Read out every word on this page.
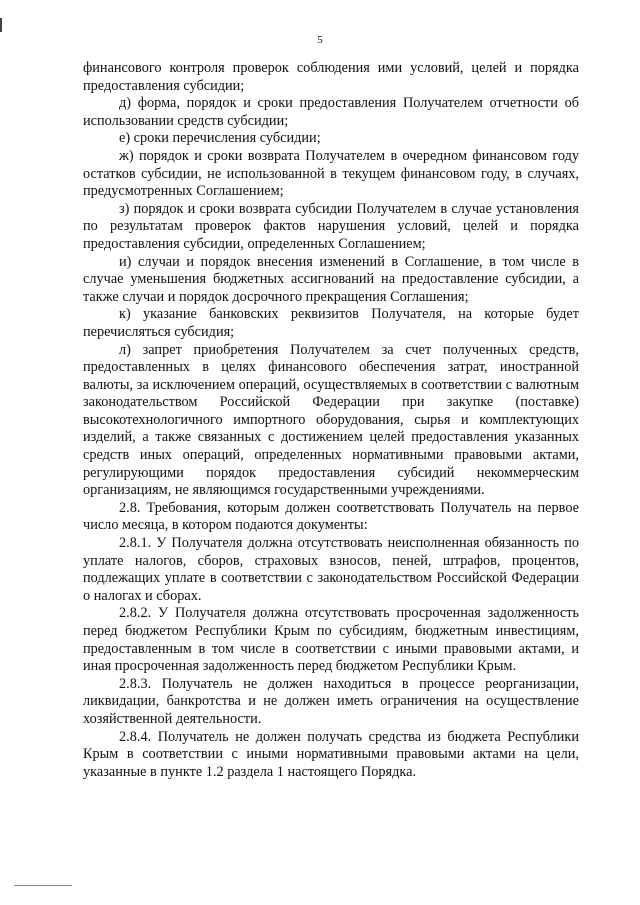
5

финансового контроля проверок соблюдения ими условий, целей и порядка предоставления субсидии;

д) форма, порядок и сроки предоставления Получателем отчетности об использовании средств субсидии;

е) сроки перечисления субсидии;

ж) порядок и сроки возврата Получателем в очередном финансовом году остатков субсидии, не использованной в текущем финансовом году, в случаях, предусмотренных Соглашением;

з) порядок и сроки возврата субсидии Получателем в случае установления по результатам проверок фактов нарушения условий, целей и порядка предоставления субсидии, определенных Соглашением;

и) случаи и порядок внесения изменений в Соглашение, в том числе в случае уменьшения бюджетных ассигнований на предоставление субсидии, а также случаи и порядок досрочного прекращения Соглашения;

к) указание банковских реквизитов Получателя, на которые будет перечисляться субсидия;

л) запрет приобретения Получателем за счет полученных средств, предоставленных в целях финансового обеспечения затрат, иностранной валюты, за исключением операций, осуществляемых в соответствии с валютным законодательством Российской Федерации при закупке (поставке) высокотехнологичного импортного оборудования, сырья и комплектующих изделий, а также связанных с достижением целей предоставления указанных средств иных операций, определенных нормативными правовыми актами, регулирующими порядок предоставления субсидий некоммерческим организациям, не являющимся государственными учреждениями.

2.8. Требования, которым должен соответствовать Получатель на первое число месяца, в котором подаются документы:

2.8.1. У Получателя должна отсутствовать неисполненная обязанность по уплате налогов, сборов, страховых взносов, пеней, штрафов, процентов, подлежащих уплате в соответствии с законодательством Российской Федерации о налогах и сборах.

2.8.2. У Получателя должна отсутствовать просроченная задолженность перед бюджетом Республики Крым по субсидиям, бюджетным инвестициям, предоставленным в том числе в соответствии с иными правовыми актами, и иная просроченная задолженность перед бюджетом Республики Крым.

2.8.3. Получатель не должен находиться в процессе реорганизации, ликвидации, банкротства и не должен иметь ограничения на осуществление хозяйственной деятельности.

2.8.4. Получатель не должен получать средства из бюджета Республики Крым в соответствии с иными нормативными правовыми актами на цели, указанные в пункте 1.2 раздела 1 настоящего Порядка.
